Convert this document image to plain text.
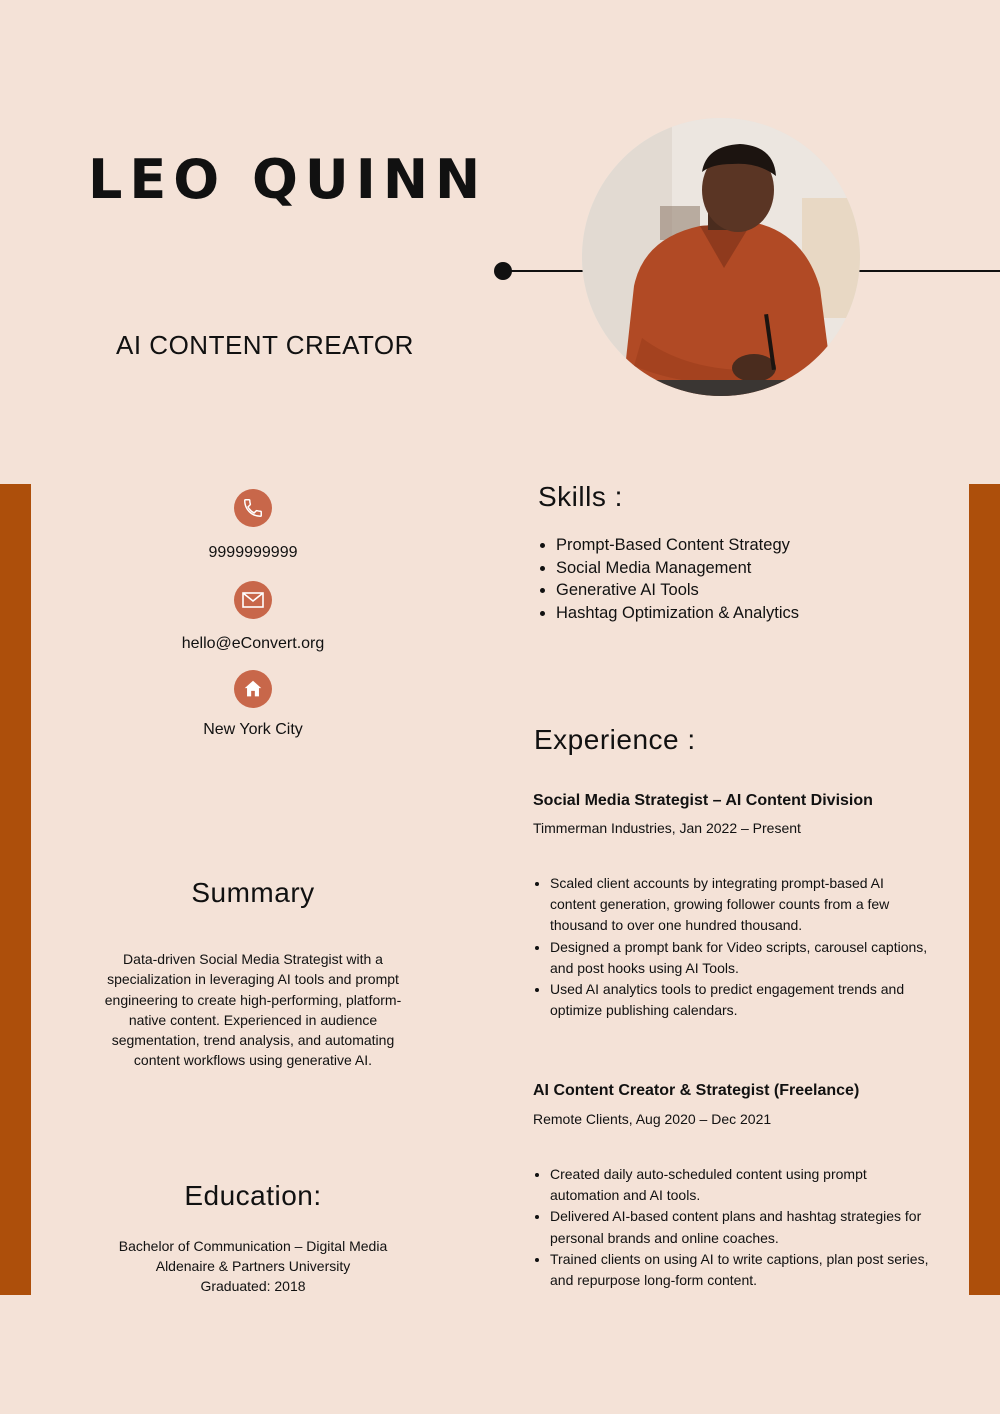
LEO QUINN

AI CONTENT CREATOR

9999999999

hello@eConvert.org

New York City

Summary

Data-driven Social Media Strategist with a specialization in leveraging AI tools and prompt engineering to create high-performing, platform-native content. Experienced in audience segmentation, trend analysis, and automating content workflows using generative AI.

Education:

Bachelor of Communication – Digital Media

Aldenaire & Partners University

Graduated: 2018

Skills :
• Prompt-Based Content Strategy
• Social Media Management
• Generative AI Tools
• Hashtag Optimization & Analytics
Experience :

Social Media Strategist – AI Content Division

Timmerman Industries, Jan 2022 – Present

• Scaled client accounts by integrating prompt-based AI content generation, growing follower counts from a few thousand to over one hundred thousand.
• Designed a prompt bank for Video scripts, carousel captions, and post hooks using AI Tools.
• Used AI analytics tools to predict engagement trends and optimize publishing calendars.

AI Content Creator & Strategist (Freelance)

Remote Clients, Aug 2020 – Dec 2021

• Created daily auto-scheduled content using prompt automation and AI tools.
• Delivered AI-based content plans and hashtag strategies for personal brands and online coaches.
• Trained clients on using AI to write captions, plan post series, and repurpose long-form content.
